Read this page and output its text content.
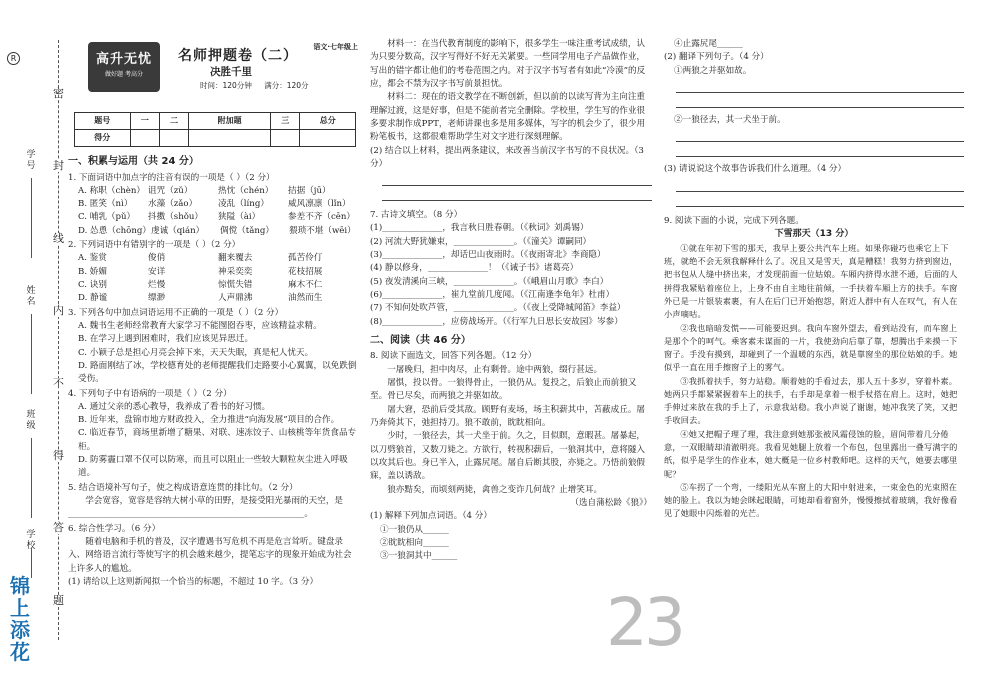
R
密
封
线
内
不
得
答
题
学号
姓名
班级
学校
锦上添花
高升无忧
做好题 考高分
语文·七年级上
名师押题卷（二）
决胜千里
时间：120分钟 满分：120分
题号	一	二	附加题	三	总分
得分					
一、积累与运用（共 24 分）
1. 下面词语中加点字的注音有误的一项是（ ）（2 分）
A. 称职（chèn） 诅咒（zǔ）	热忱（chén）	拮据（jū）
B. 匿笑（nì）	水藻（zǎo）	凌乱（líng）	威风凛凛（lǐn）
C. 哺乳（pǔ）	抖擞（shǒu）	狭隘（ài）	参差不齐（cēn）
D. 怂恿（chōng） 虔诚（qián）	倜傥（tǎng）	猥琐不堪（wēi）
2. 下列词语中有错别字的一项是（ ）（2 分）
A. 鉴赏	俊俏	翻来覆去	孤苦伶仃
B. 娇媚	安详	神采奕奕	花枝招展
C. 诀别	烂慢	惊慌失错	麻木不仁
D. 静谧	缥渺	人声鼎沸	油然而生
3. 下列各句中加点词语运用不正确的一项是（ ）（2 分）
A. 魏书生老师经常教育大家学习不能囫囵吞枣，应该精益求精。
B. 在学习上遇到困难时，我们应该见异思迁。
C. 小颖子总是担心月亮会掉下来，天天失眠，真是杞人忧天。
D. 路面刚结了冰，学校德育处的老师提醒我们走路要小心翼翼，以免跌倒受伤。
4. 下列句子中有语病的一项是（ ）（2 分）
A. 通过父亲的悉心教导，我养成了看书的好习惯。
B. 近年来，盘锦市地方财政投入，全力推进“向海发展”项目的合作。
C. 临近春节，商场里新增了糖果、对联、速冻饺子、山核桃等年货食品专柜。
D. 防雾霾口罩不仅可以防寒，而且可以阻止一些较大颗粒灰尘进入呼吸道。
5. 结合语境补写句子，使之构成语意连贯的排比句。（2 分）
学会宽容，宽容是容纳大树小草的田野，是接受阳光暴雨的天空，是_______________________________________________________。
6. 综合性学习。（6 分）
随着电脑和手机的普及，汉字遭遇书写危机不再是危言耸听。键盘录入、网络语言流行等使写字的机会越来越少，提笔忘字的现象开始成为社会上许多人的尴尬。
(1) 请给以上这则新闻拟一个恰当的标题，不超过 10 字。（3 分）
材料一：在当代教育制度的影响下，很多学生一味注重考试成绩，认为只要分数高，汉字写得好不好无关紧要。一些同学用电子产品做作业，写出的错字都让他们的考卷范围之内。对于汉字书写者有如此“冷漠”的反应，都会不禁为汉字书写前景担忧。
材料二：现在的语文教学在不断创新，但以前的以读写背为主向注重理解过渡，这是好事，但是不能前者完全删除。学校里，学生写的作业很多要求制作成PPT，老师讲课也多是用多媒体，写字的机会少了，很少用粉笔板书，这都很难帮助学生对文字进行深刻理解。
(2) 结合以上材料，提出两条建议，来改善当前汉字书写的不良状况。（3 分）
7. 古诗文填空。（8 分）
(1)______________，我言秋日胜春朝。（《秋词》刘禹锡）
(2) 河流大野犹嫌束，______________。（《潼关》谭嗣同）
(3)______________，却话巴山夜雨时。（《夜雨寄北》李商隐）
(4) 静以修身，______________！（《诫子书》诸葛亮）
(5) 夜发清溪向三峡，______________。（《峨眉山月歌》李白）
(6)______________，崔九堂前几度闻。（《江南逢李龟年》杜甫）
(7) 不知何处吹芦管，______________。（《夜上受降城闻笛》李益）
(8)______________，应傍战场开。（《行军九日思长安故园》岑参）
二、阅读（共 46 分）
8. 阅读下面选文，回答下列各题。（12 分）
一屠晚归，担中肉尽，止有剩骨。途中两狼，缀行甚远。
屠惧，投以骨。一狼得骨止，一狼仍从。复投之，后狼止而前狼又至。骨已尽矣，而两狼之并驱如故。
屠大窘，恐前后受其敌。顾野有麦场，场主积薪其中，苫蔽成丘。屠乃奔倚其下，弛担持刀。狼不敢前，眈眈相向。
少时，一狼径去，其一犬坐于前。久之，目似瞑，意暇甚。屠暴起，以刀劈狼首，又数刀毙之。方欲行，转视积薪后，一狼洞其中，意将隧入以攻其后也。身已半入，止露尻尾。屠自后断其股，亦毙之。乃悟前狼假寐，盖以诱敌。
狼亦黠矣，而顷刻两毙，禽兽之变诈几何哉？止增笑耳。
（选自蒲松龄《狼》）
(1) 解释下列加点词语。（4 分）
①一狼仍从______
②眈眈相向______
③一狼洞其中______
23
④止露尻尾______
(2) 翻译下列句子。（4 分）
①两狼之并驱如故。
②一狼径去，其一犬坐于前。
(3) 请说说这个故事告诉我们什么道理。（4 分）
9. 阅读下面的小说，完成下列各题。
下雪那天（13 分）
①就在年初下雪的那天，我早上要公共汽车上班。如果你碰巧也乘它上下班，就绝不会无须我解释什么了。况且又是雪天，真是糟糕！我努力挤到窗边，把书包从人缝中挤出来，才发现前面一位姑娘。车厢内挤得水泄不通，后面的人拼得我紧贴着座位上，上身不由自主地往前倾，一手扶着车厢上方的扶手。车窗外已是一片银装素裹，有人在后门已开始抱怨，附近人群中有人在叹气，有人在小声嘀咕。
②我也暗暗发慌——可能要迟到。我向车窗外望去，看到站没有，而车窗上是那个个的呵气。乘客素未谋面的一片，我使劲向后靠了靠，想腾出手来摸一下窗子。手没有摸到，却碰到了一个温暖的东西，就是靠窗坐的那位姑娘的手。她似乎一直在用手擦窗子上的雾气。
③我抓着扶手，努力站稳。顺着她的手看过去，那人五十多岁，穿着朴素。她两只手都紧紧握着车上的扶手，右手却是拿着一根手杖搭在肩上。这时，她把手伸过来放在我的手上了，示意我站稳。我小声说了谢谢，她冲我笑了笑，又把手收回去。
④她又把帽子理了理，我注意到她那张被风霜侵蚀的脸，眉间带着几分倦意，一双眼睛却清澈明亮。我看见她腿上放着一个布包，包里露出一叠写满字的纸，似乎是学生的作业本，她大概是一位乡村教师吧。这样的天气，她要去哪里呢？
⑤车拐了一个弯，一缕阳光从车窗上的大阳中射进来，一束金色的光束照在她的脸上。我以为她会眯起眼睛，可她却看着窗外，慢慢擦拭着玻璃，我好像看见了她眼中闪烁着的光芒。
